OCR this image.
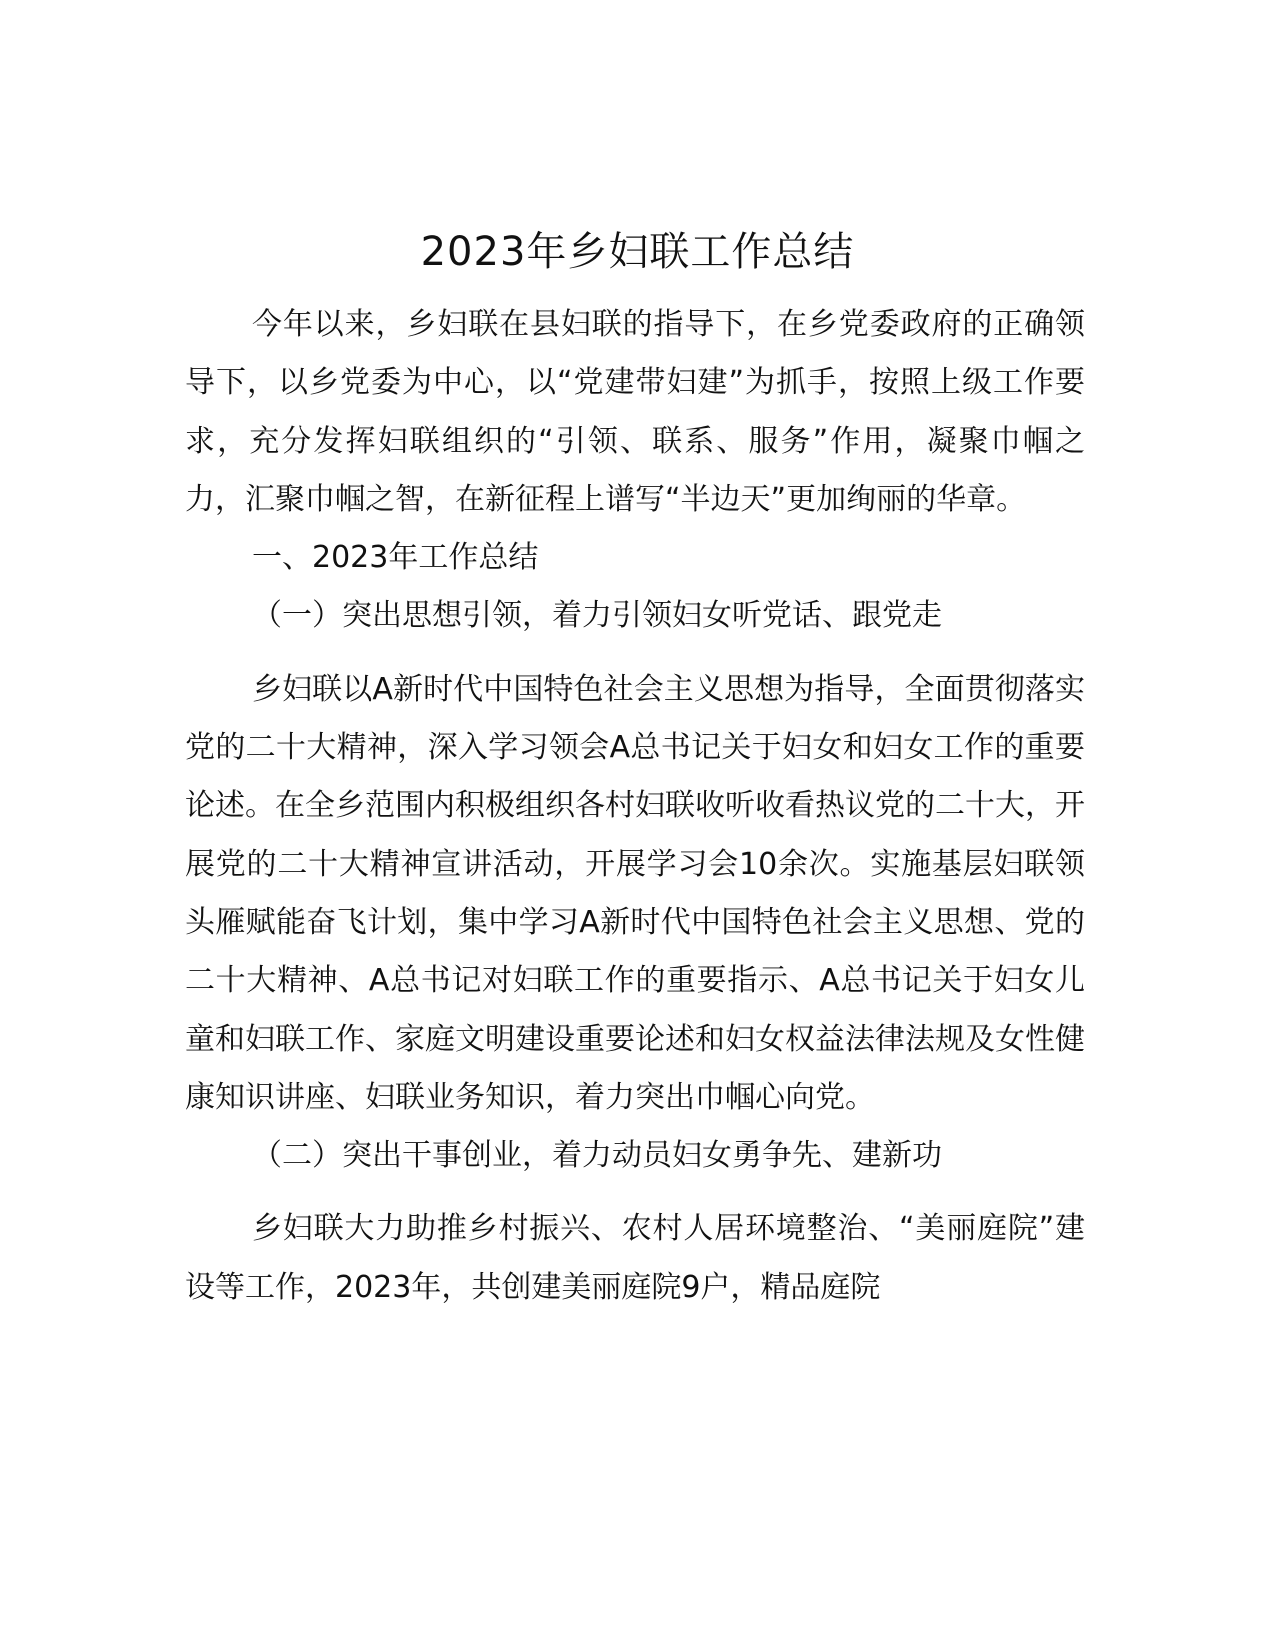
2023年乡妇联工作总结

今年以来，乡妇联在县妇联的指导下，在乡党委政府的正确领导下，以乡党委为中心，以“党建带妇建”为抓手，按照上级工作要求，充分发挥妇联组织的“引领、联系、服务”作用，凝聚巾帼之力，汇聚巾帼之智，在新征程上谱写“半边天”更加绚丽的华章。

一、2023年工作总结

（一）突出思想引领，着力引领妇女听党话、跟党走

乡妇联以A新时代中国特色社会主义思想为指导，全面贯彻落实党的二十大精神，深入学习领会A总书记关于妇女和妇女工作的重要论述。在全乡范围内积极组织各村妇联收听收看热议党的二十大，开展党的二十大精神宣讲活动，开展学习会10余次。实施基层妇联领头雁赋能奋飞计划，集中学习A新时代中国特色社会主义思想、党的二十大精神、A总书记对妇联工作的重要指示、A总书记关于妇女儿童和妇联工作、家庭文明建设重要论述和妇女权益法律法规及女性健康知识讲座、妇联业务知识，着力突出巾帼心向党。

（二）突出干事创业，着力动员妇女勇争先、建新功

乡妇联大力助推乡村振兴、农村人居环境整治、“美丽庭院”建设等工作，2023年，共创建美丽庭院9户，精品庭院
